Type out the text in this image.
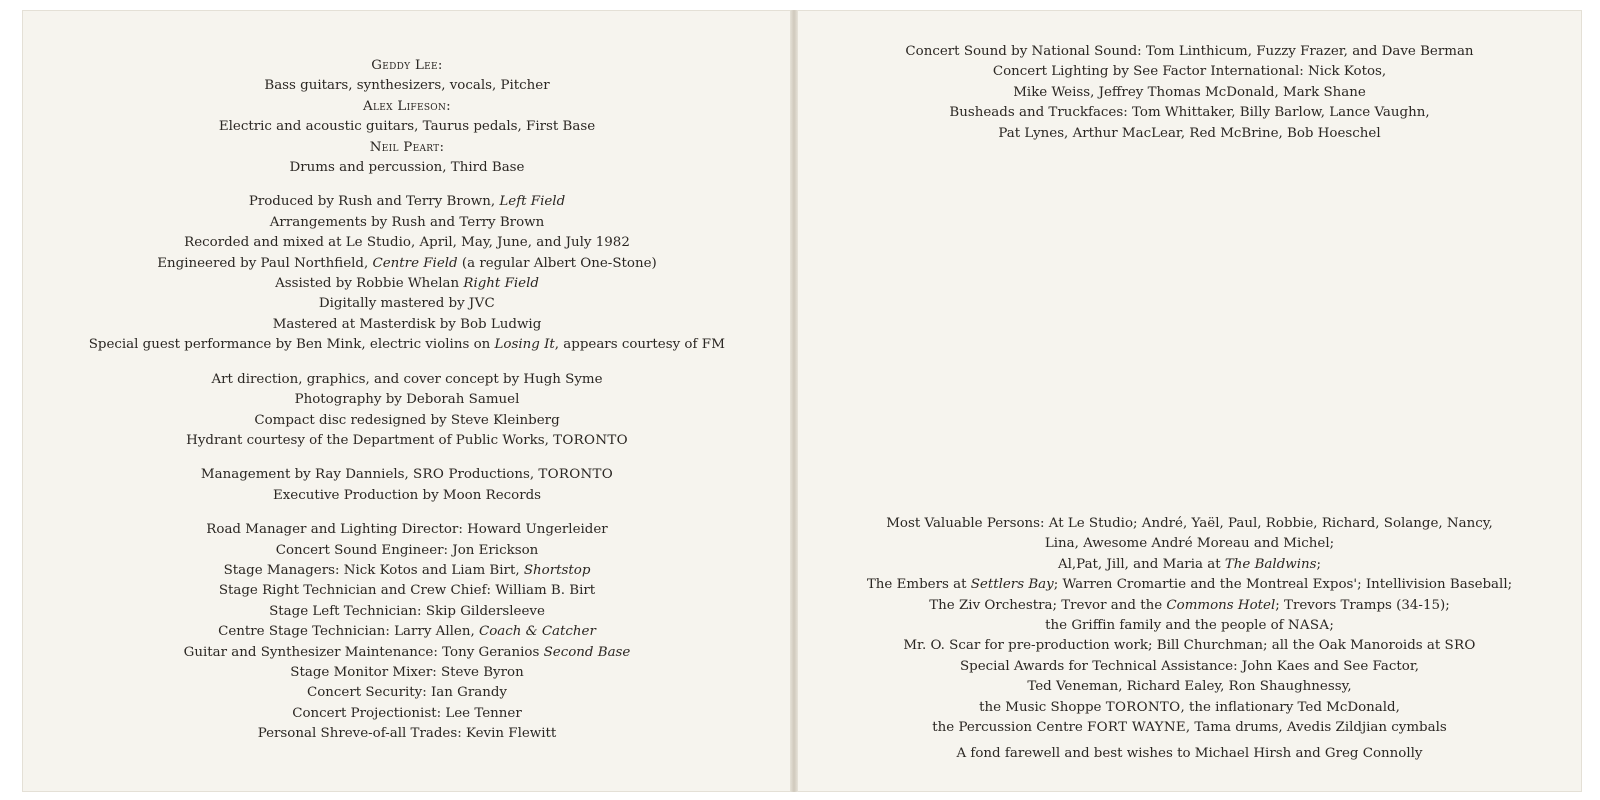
Geddy Lee:
Bass guitars, synthesizers, vocals, Pitcher
Alex Lifeson:
Electric and acoustic guitars, Taurus pedals, First Base
Neil Peart:
Drums and percussion, Third Base
Produced by Rush and Terry Brown, Left Field
Arrangements by Rush and Terry Brown
Recorded and mixed at Le Studio, April, May, June, and July 1982
Engineered by Paul Northfield, Centre Field (a regular Albert One-Stone)
Assisted by Robbie Whelan Right Field
Digitally mastered by JVC
Mastered at Masterdisk by Bob Ludwig
Special guest performance by Ben Mink, electric violins on Losing It, appears courtesy of FM
Art direction, graphics, and cover concept by Hugh Syme
Photography by Deborah Samuel
Compact disc redesigned by Steve Kleinberg
Hydrant courtesy of the Department of Public Works, TORONTO
Management by Ray Danniels, SRO Productions, TORONTO
Executive Production by Moon Records
Road Manager and Lighting Director: Howard Ungerleider
Concert Sound Engineer: Jon Erickson
Stage Managers: Nick Kotos and Liam Birt, Shortstop
Stage Right Technician and Crew Chief: William B. Birt
Stage Left Technician: Skip Gildersleeve
Centre Stage Technician: Larry Allen, Coach & Catcher
Guitar and Synthesizer Maintenance: Tony Geranios Second Base
Stage Monitor Mixer: Steve Byron
Concert Security: Ian Grandy
Concert Projectionist: Lee Tenner
Personal Shreve-of-all Trades: Kevin Flewitt
Concert Sound by National Sound: Tom Linthicum, Fuzzy Frazer, and Dave Berman
Concert Lighting by See Factor International: Nick Kotos,
Mike Weiss, Jeffrey Thomas McDonald, Mark Shane
Busheads and Truckfaces: Tom Whittaker, Billy Barlow, Lance Vaughn,
Pat Lynes, Arthur MacLear, Red McBrine, Bob Hoeschel
Most Valuable Persons: At Le Studio; André, Yaël, Paul, Robbie, Richard, Solange, Nancy,
Lina, Awesome André Moreau and Michel;
Al,Pat, Jill, and Maria at The Baldwins;
The Embers at Settlers Bay; Warren Cromartie and the Montreal Expos'; Intellivision Baseball;
The Ziv Orchestra; Trevor and the Commons Hotel; Trevors Tramps (34-15);
the Griffin family and the people of NASA;
Mr. O. Scar for pre-production work; Bill Churchman; all the Oak Manoroids at SRO
Special Awards for Technical Assistance: John Kaes and See Factor,
Ted Veneman, Richard Ealey, Ron Shaughnessy,
the Music Shoppe TORONTO, the inflationary Ted McDonald,
the Percussion Centre FORT WAYNE, Tama drums, Avedis Zildjian cymbals
A fond farewell and best wishes to Michael Hirsh and Greg Connolly
